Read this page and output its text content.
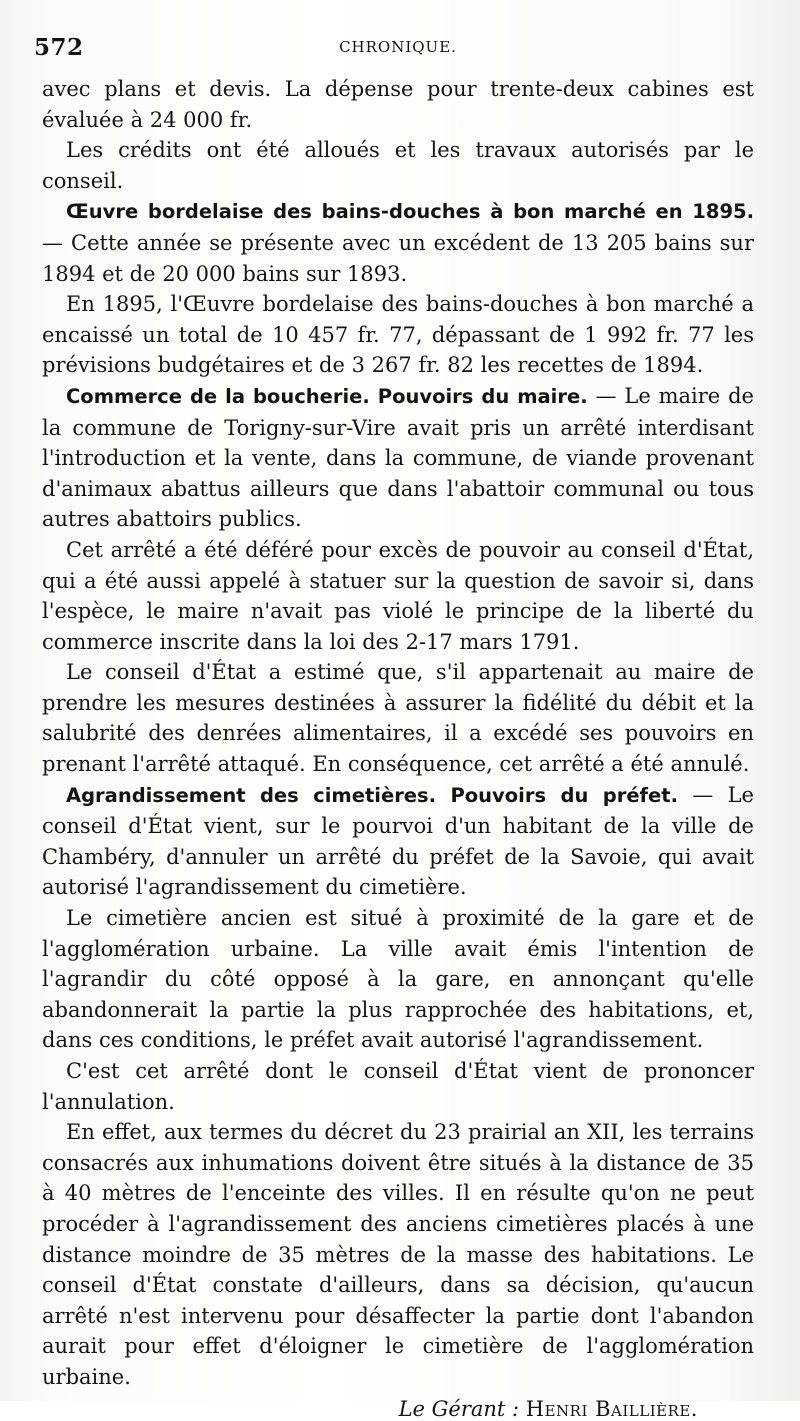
572	CHRONIQUE.

avec plans et devis. La dépense pour trente-deux cabines est évaluée à 24 000 fr.

Les crédits ont été alloués et les travaux autorisés par le conseil.

Œuvre bordelaise des bains-douches à bon marché en 1895. — Cette année se présente avec un excédent de 13 205 bains sur 1894 et de 20 000 bains sur 1893.

En 1895, l'Œuvre bordelaise des bains-douches à bon marché a encaissé un total de 10 457 fr. 77, dépassant de 1 992 fr. 77 les prévisions budgétaires et de 3 267 fr. 82 les recettes de 1894.

Commerce de la boucherie. Pouvoirs du maire. — Le maire de la commune de Torigny-sur-Vire avait pris un arrêté interdisant l'introduction et la vente, dans la commune, de viande provenant d'animaux abattus ailleurs que dans l'abattoir communal ou tous autres abattoirs publics.

Cet arrêté a été déféré pour excès de pouvoir au conseil d'État, qui a été aussi appelé à statuer sur la question de savoir si, dans l'espèce, le maire n'avait pas violé le principe de la liberté du commerce inscrite dans la loi des 2-17 mars 1791.

Le conseil d'État a estimé que, s'il appartenait au maire de prendre les mesures destinées à assurer la fidélité du débit et la salubrité des denrées alimentaires, il a excédé ses pouvoirs en prenant l'arrêté attaqué. En conséquence, cet arrêté a été annulé.

Agrandissement des cimetières. Pouvoirs du préfet. — Le conseil d'État vient, sur le pourvoi d'un habitant de la ville de Chambéry, d'annuler un arrêté du préfet de la Savoie, qui avait autorisé l'agrandissement du cimetière.

Le cimetière ancien est situé à proximité de la gare et de l'agglomération urbaine. La ville avait émis l'intention de l'agrandir du côté opposé à la gare, en annonçant qu'elle abandonnerait la partie la plus rapprochée des habitations, et, dans ces conditions, le préfet avait autorisé l'agrandissement.

C'est cet arrêté dont le conseil d'État vient de prononcer l'annulation.

En effet, aux termes du décret du 23 prairial an XII, les terrains consacrés aux inhumations doivent être situés à la distance de 35 à 40 mètres de l'enceinte des villes. Il en résulte qu'on ne peut procéder à l'agrandissement des anciens cimetières placés à une distance moindre de 35 mètres de la masse des habitations. Le conseil d'État constate d'ailleurs, dans sa décision, qu'aucun arrêté n'est intervenu pour désaffecter la partie dont l'abandon aurait pour effet d'éloigner le cimetière de l'agglomération urbaine.

Le Gérant : Henri Baillière.
